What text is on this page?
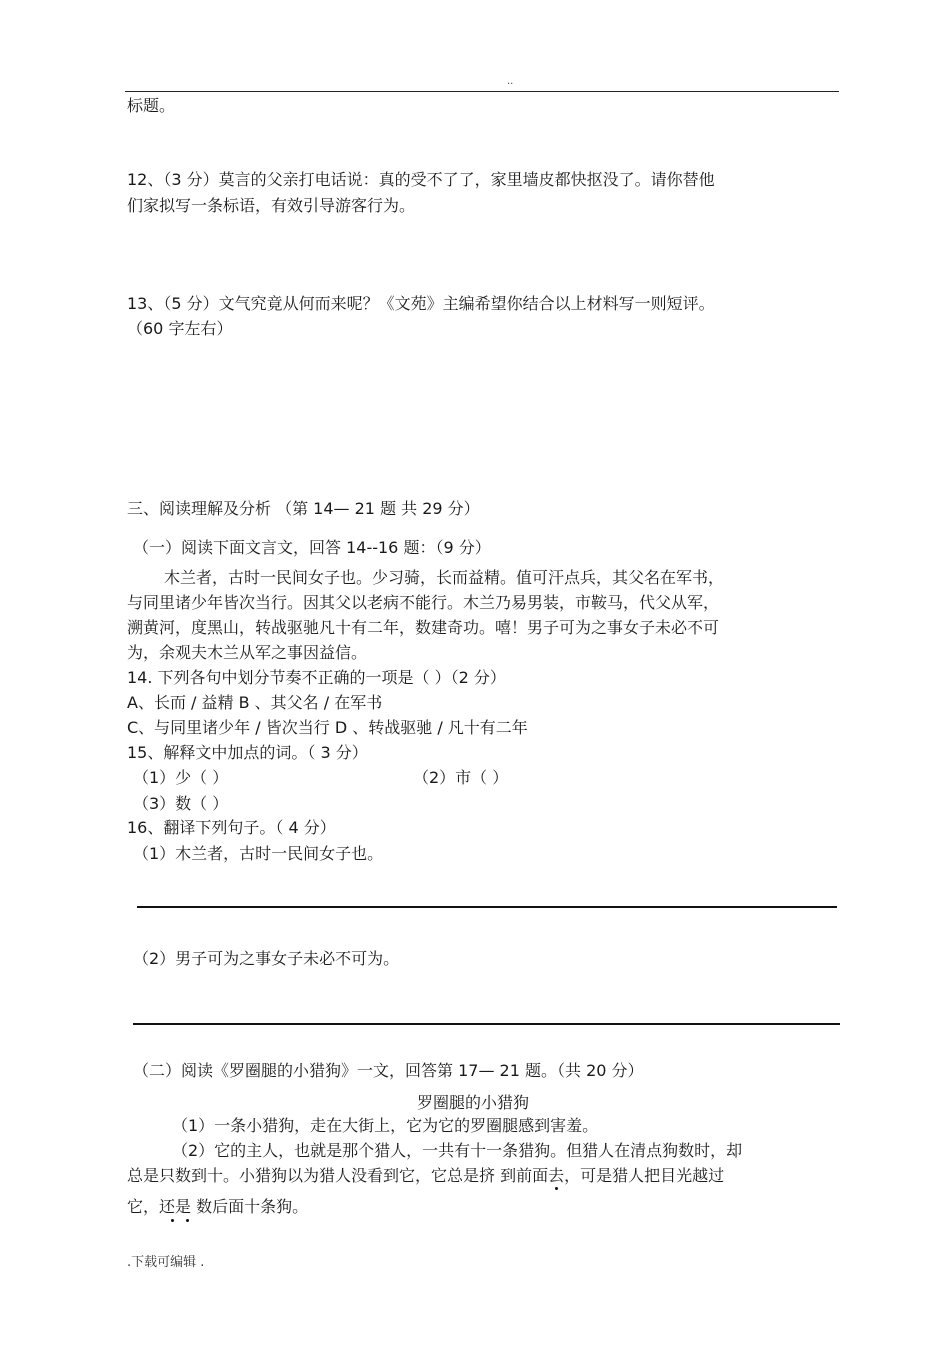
..
标题。
12、（3 分）莫言的父亲打电话说：真的受不了了，家里墙皮都快抠没了。请你替他
们家拟写一条标语，有效引导游客行为。
13、（5 分）文气究竟从何而来呢？《文苑》主编希望你结合以上材料写一则短评。
（60 字左右）
三、阅读理解及分析 （第 14— 21 题 共 29 分）
（一）阅读下面文言文，回答 14--16 题：（9 分）
木兰者，古时一民间女子也。少习骑，长而益精。值可汗点兵，其父名在军书，
与同里诸少年皆次当行。因其父以老病不能行。木兰乃易男装，市鞍马，代父从军，
溯黄河，度黑山，转战驱驰凡十有二年，数建奇功。嘻！男子可为之事女子未必不可
为，余观夫木兰从军之事因益信。
14. 下列各句中划分节奏不正确的一项是（ ）（2 分）
A、长而 / 益精 B 、其父名 / 在军书
C、与同里诸少年 / 皆次当行 D 、转战驱驰 / 凡十有二年
15、解释文中加点的词。（ 3 分）
（1）少（ ）	（2）市（ ）
（3）数（ ）
16、翻译下列句子。（ 4 分）
（1）木兰者，古时一民间女子也。
（2）男子可为之事女子未必不可为。
（二）阅读《罗圈腿的小猎狗》一文，回答第 17— 21 题。（共 20 分）
罗圈腿的小猎狗
（1）一条小猎狗，走在大街上，它为它的罗圈腿感到害羞。
（2）它的主人，也就是那个猎人，一共有十一条猎狗。但猎人在清点狗数时，却
总是只数到十。小猎狗以为猎人没看到它，它总是挤 到前面去，可是猎人把目光越过
它，还是 数后面十条狗。
.下载可编辑 .
